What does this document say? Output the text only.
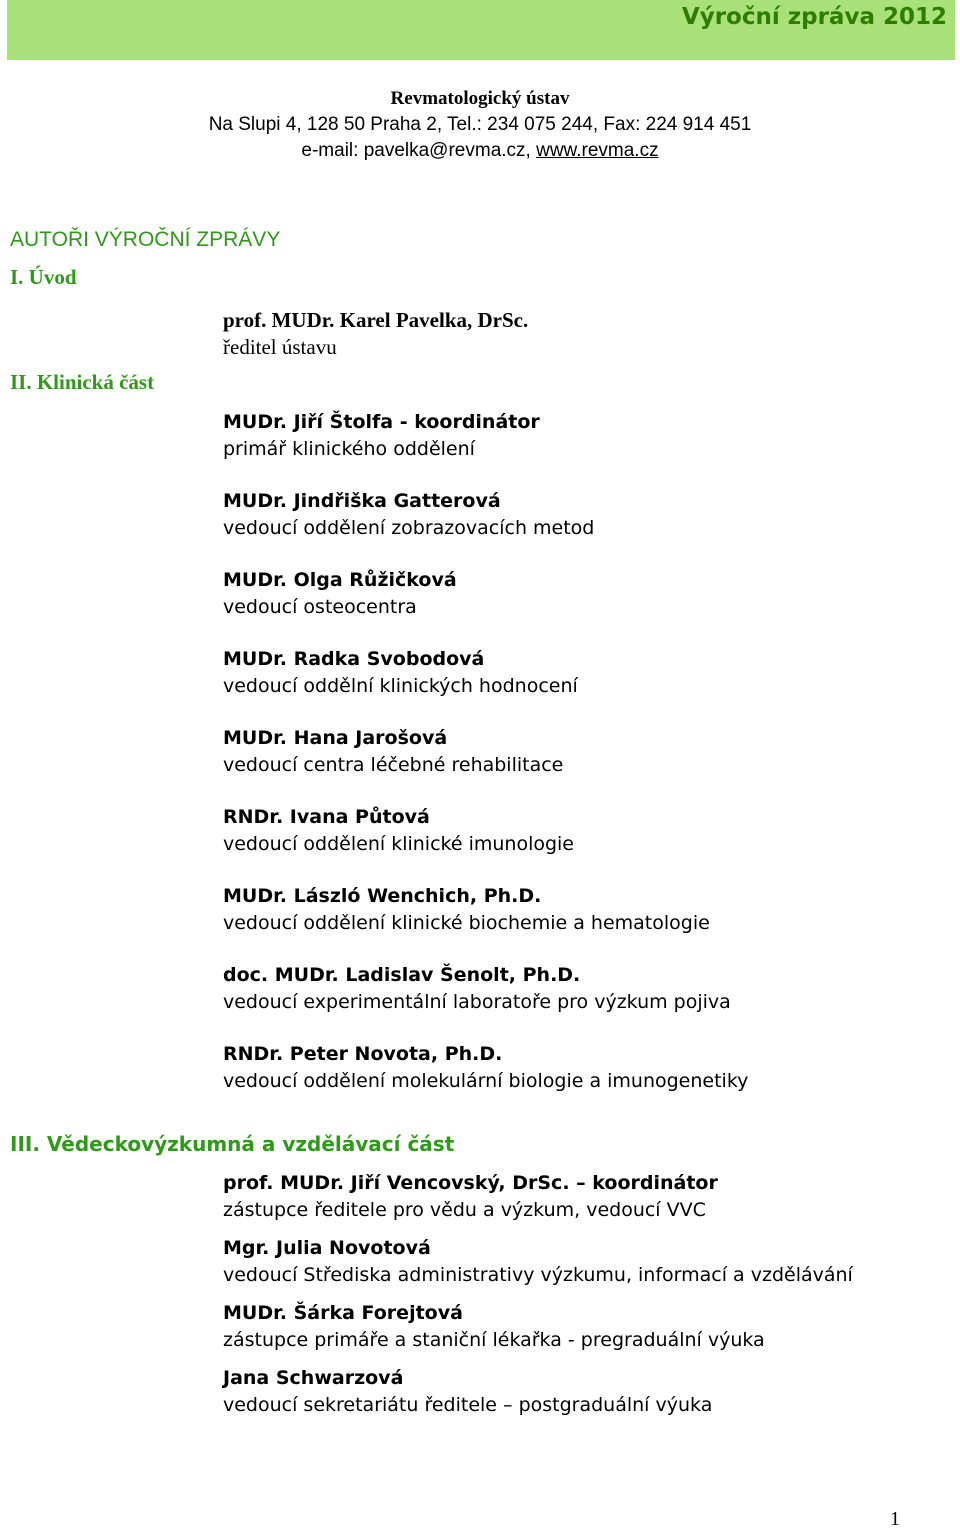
Výroční zpráva 2012
Revmatologický ústav
Na Slupi 4, 128 50 Praha 2, Tel.: 234 075 244, Fax: 224 914 451
e-mail: pavelka@revma.cz, www.revma.cz
AUTOŘI VÝROČNÍ ZPRÁVY
I. Úvod
prof. MUDr. Karel Pavelka, DrSc.
ředitel ústavu
II. Klinická část
MUDr. Jiří Štolfa - koordinátor
primář klinického oddělení
MUDr. Jindřiška Gatterová
vedoucí oddělení zobrazovacích metod
MUDr. Olga Růžičková
vedoucí osteocentra
MUDr. Radka Svobodová
vedoucí oddělní klinických hodnocení
MUDr. Hana Jarošová
vedoucí centra léčebné rehabilitace
RNDr. Ivana Půtová
vedoucí oddělení klinické imunologie
MUDr. László Wenchich, Ph.D.
vedoucí oddělení klinické biochemie a hematologie
doc. MUDr. Ladislav Šenolt, Ph.D.
vedoucí experimentální laboratoře pro výzkum pojiva
RNDr. Peter Novota, Ph.D.
vedoucí oddělení molekulární biologie a imunogenetiky
III. Vědeckovýzkumná a vzdělávací část
prof. MUDr. Jiří Vencovský, DrSc. – koordinátor
zástupce ředitele pro vědu a výzkum, vedoucí VVC
Mgr. Julia Novotová
vedoucí Střediska administrativy výzkumu, informací a vzdělávání
MUDr. Šárka Forejtová
zástupce primáře a staniční lékařka - pregraduální výuka
Jana Schwarzová
vedoucí sekretariátu ředitele – postgraduální výuka
1
